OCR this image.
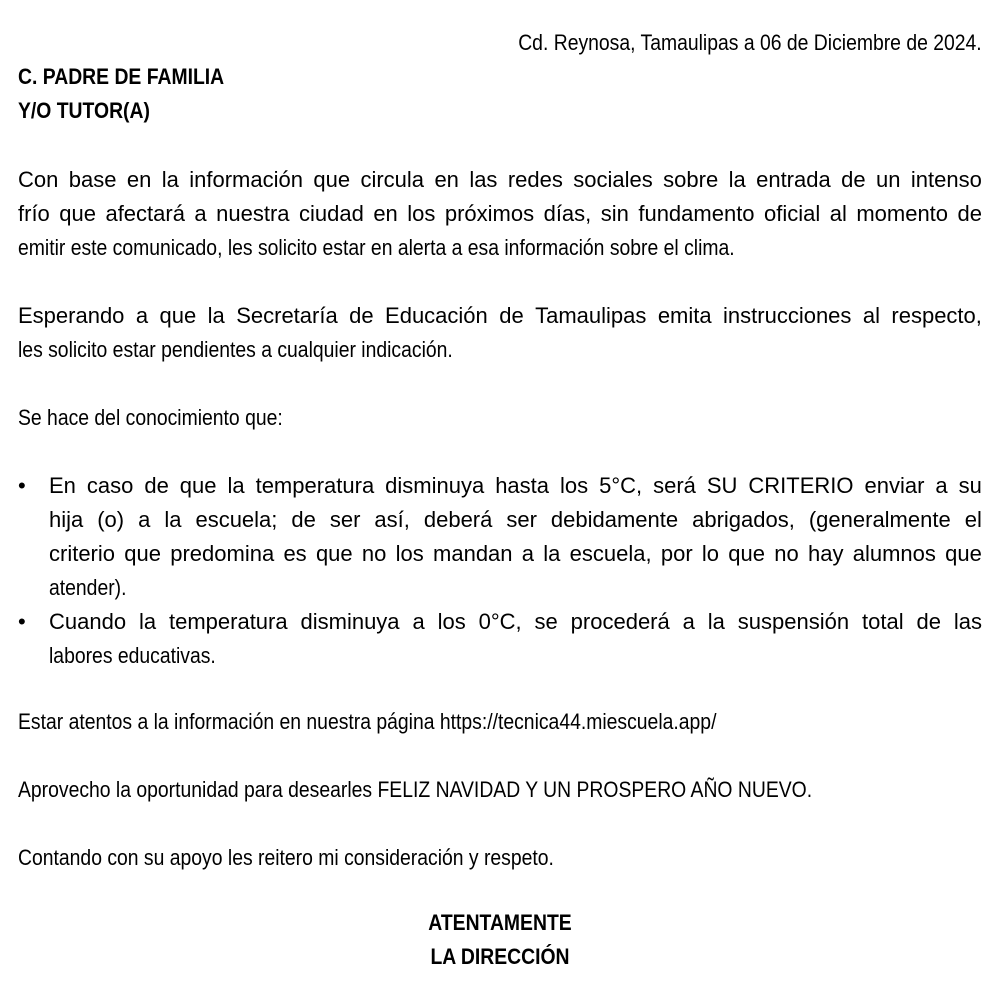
Cd. Reynosa, Tamaulipas a 06 de Diciembre de 2024.
C. PADRE DE FAMILIA
Y/O TUTOR(A)
Con base en la información que circula en las redes sociales sobre la entrada de un intenso
frío que afectará a nuestra ciudad en los próximos días, sin fundamento oficial al momento de
emitir este comunicado, les solicito estar en alerta a esa información sobre el clima.
Esperando a que la Secretaría de Educación de Tamaulipas emita instrucciones al respecto,
les solicito estar pendientes a cualquier indicación.
Se hace del conocimiento que:
• En caso de que la temperatura disminuya hasta los 5°C, será SU CRITERIO enviar a su
hija (o) a la escuela; de ser así, deberá ser debidamente abrigados, (generalmente el
criterio que predomina es que no los mandan a la escuela, por lo que no hay alumnos que
atender).
• Cuando la temperatura disminuya a los 0°C, se procederá a la suspensión total de las
labores educativas.
Estar atentos a la información en nuestra página https://tecnica44.miescuela.app/
Aprovecho la oportunidad para desearles FELIZ NAVIDAD Y UN PROSPERO AÑO NUEVO.
Contando con su apoyo les reitero mi consideración y respeto.
ATENTAMENTE
LA DIRECCIÓN
